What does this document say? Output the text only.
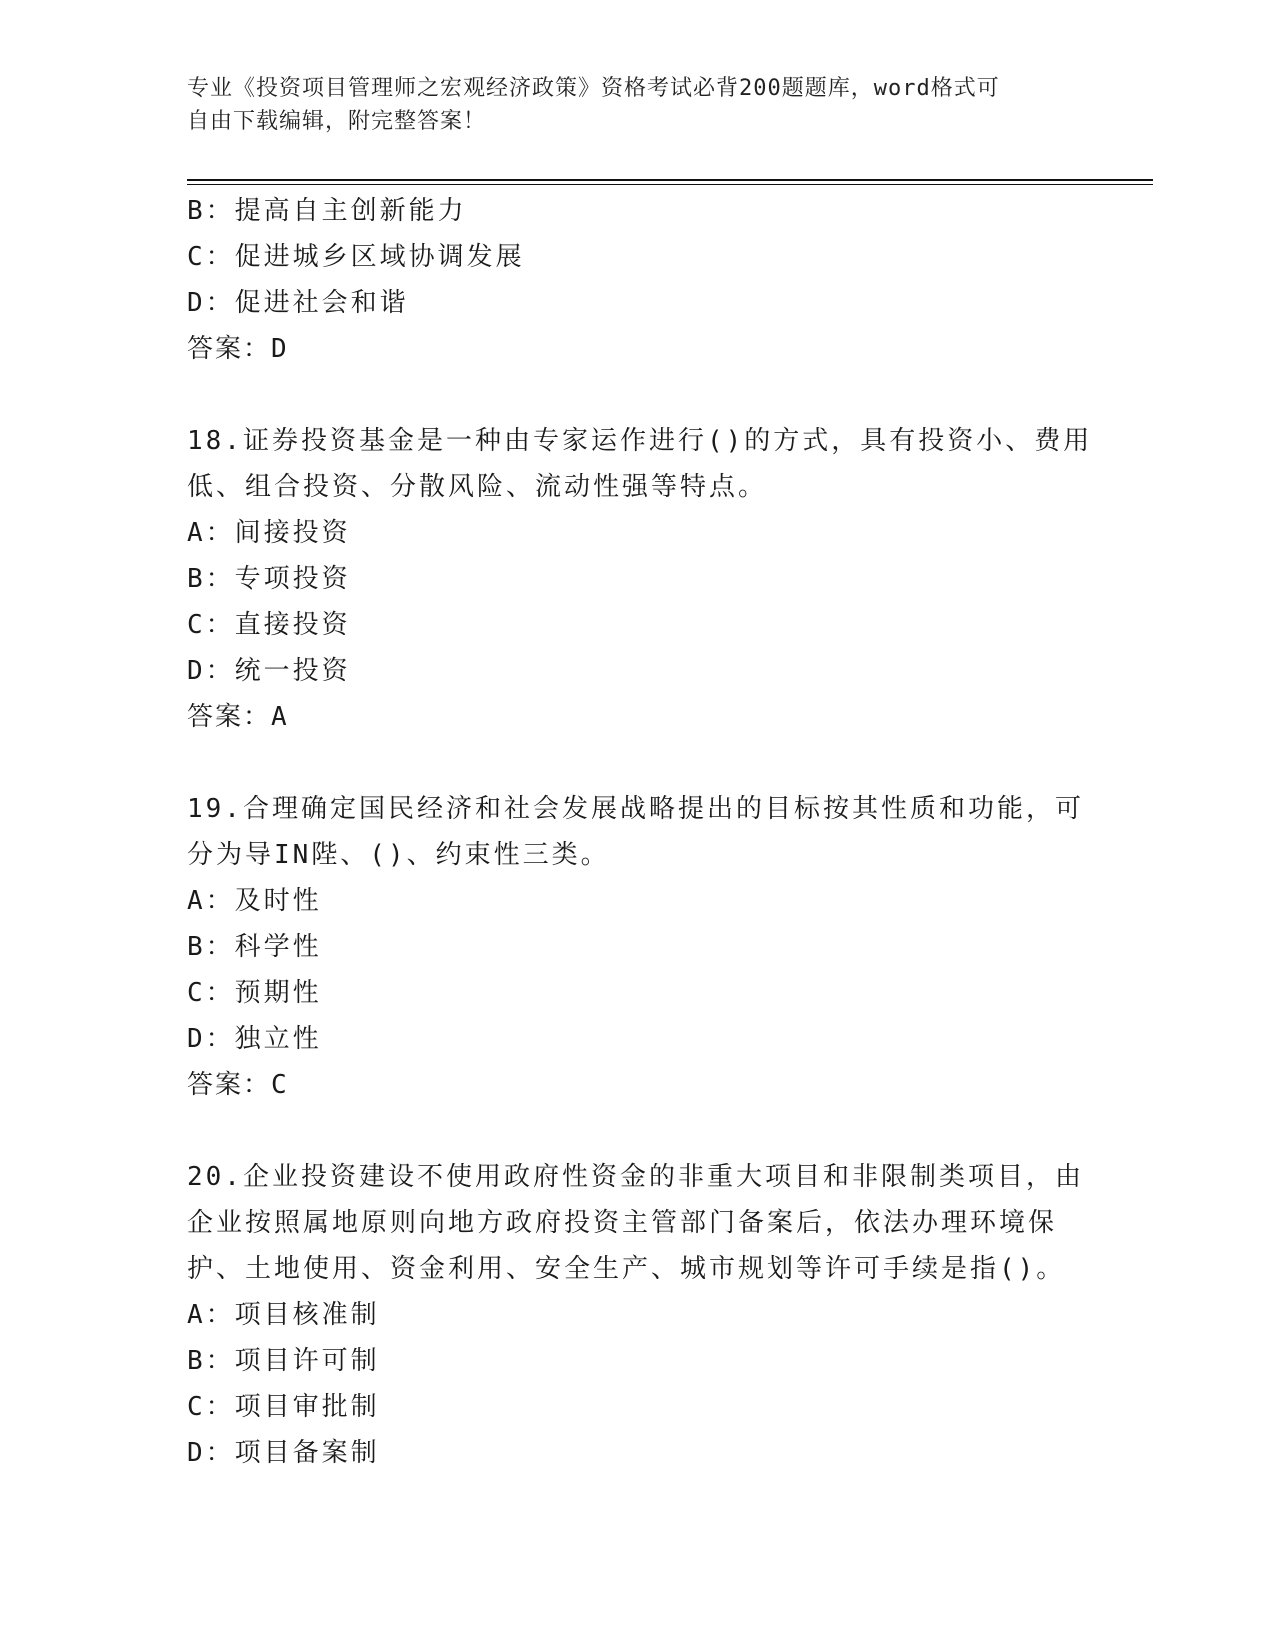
专业《投资项目管理师之宏观经济政策》资格考试必背200题题库，word格式可
自由下载编辑，附完整答案！
B：提高自主创新能力
C：促进城乡区域协调发展
D：促进社会和谐
答案：D
18.证券投资基金是一种由专家运作进行()的方式，具有投资小、费用
低、组合投资、分散风险、流动性强等特点。
A：间接投资
B：专项投资
C：直接投资
D：统一投资
答案：A
19.合理确定国民经济和社会发展战略提出的目标按其性质和功能，可
分为导IN陛、()、约束性三类。
A：及时性
B：科学性
C：预期性
D：独立性
答案：C
20.企业投资建设不使用政府性资金的非重大项目和非限制类项目，由
企业按照属地原则向地方政府投资主管部门备案后，依法办理环境保
护、土地使用、资金利用、安全生产、城市规划等许可手续是指()。
A：项目核准制
B：项目许可制
C：项目审批制
D：项目备案制
